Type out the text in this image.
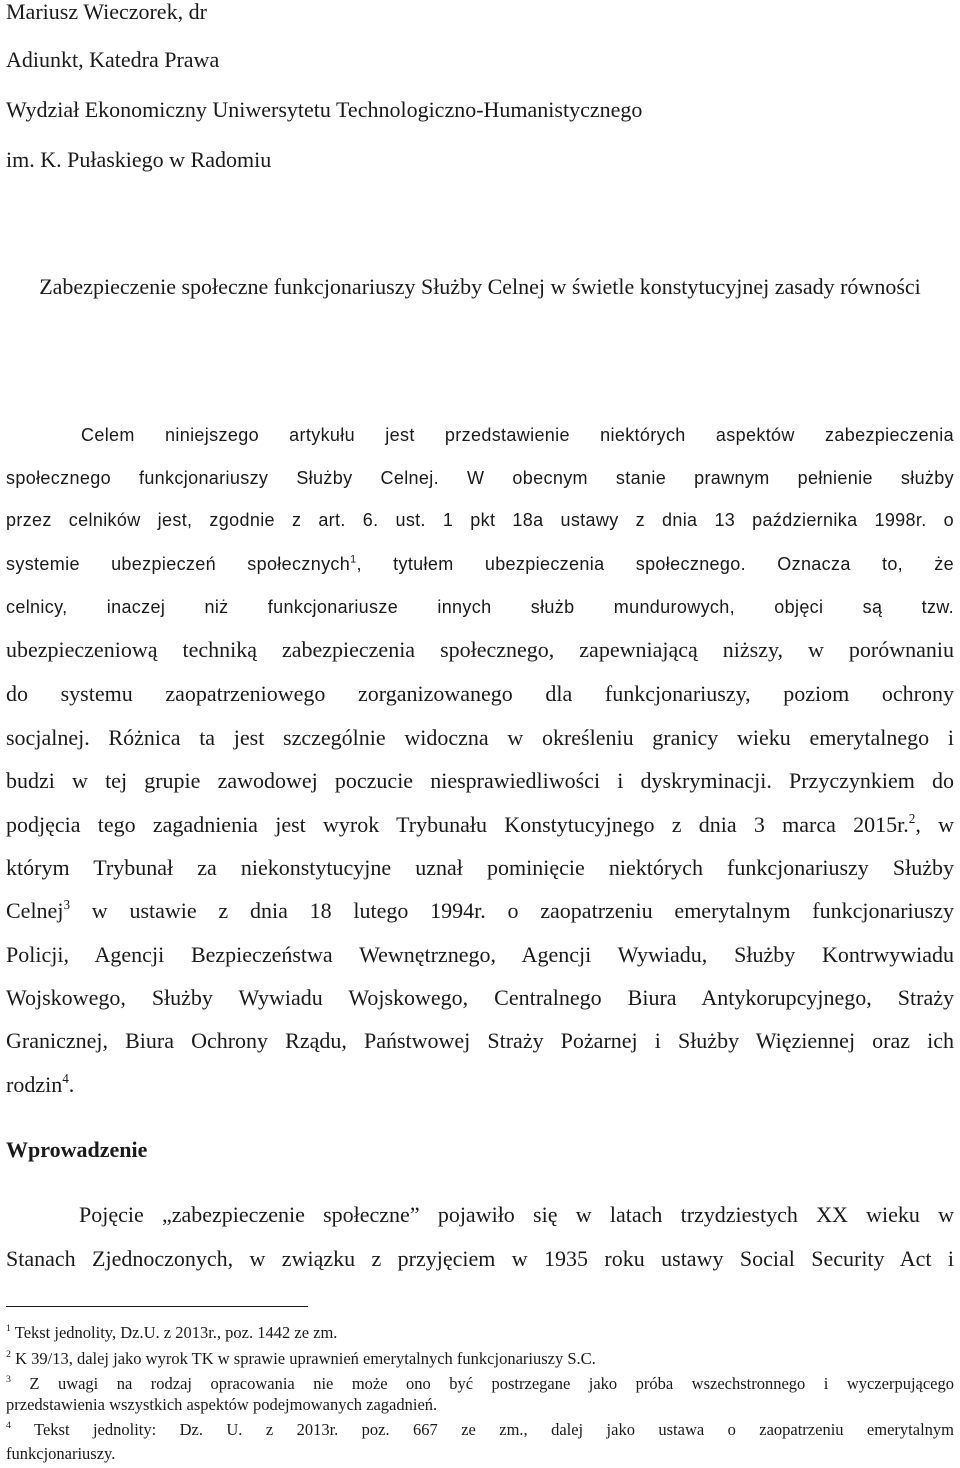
Mariusz Wieczorek, dr
Adiunkt, Katedra Prawa
Wydział Ekonomiczny Uniwersytetu Technologiczno-Humanistycznego
im. K. Pułaskiego w Radomiu
Zabezpieczenie społeczne funkcjonariuszy Służby Celnej w świetle konstytucyjnej zasady równości
Celem niniejszego artykułu jest przedstawienie niektórych aspektów zabezpieczenia
społecznego funkcjonariuszy Służby Celnej. W obecnym stanie prawnym pełnienie służby
przez celników jest, zgodnie z art. 6. ust. 1 pkt 18a ustawy z dnia 13 października 1998r. o
systemie ubezpieczeń społecznych$^1$, tytułem ubezpieczenia społecznego. Oznacza to, że
celnicy, inaczej niż funkcjonariusze innych służb mundurowych, objęci są tzw.
ubezpieczeniową techniką zabezpieczenia społecznego, zapewniającą niższy, w porównaniu
do systemu zaopatrzeniowego zorganizowanego dla funkcjonariuszy, poziom ochrony
socjalnej. Różnica ta jest szczególnie widoczna w określeniu granicy wieku emerytalnego i
budzi w tej grupie zawodowej poczucie niesprawiedliwości i dyskryminacji. Przyczynkiem do
podjęcia tego zagadnienia jest wyrok Trybunału Konstytucyjnego z dnia 3 marca 2015r.$^2$, w
którym Trybunał za niekonstytucyjne uznał pominięcie niektórych funkcjonariuszy Służby
Celnej$^3$ w ustawie z dnia 18 lutego 1994r. o zaopatrzeniu emerytalnym funkcjonariuszy
Policji, Agencji Bezpieczeństwa Wewnętrznego, Agencji Wywiadu, Służby Kontrwywiadu
Wojskowego, Służby Wywiadu Wojskowego, Centralnego Biura Antykorupcyjnego, Straży
Granicznej, Biura Ochrony Rządu, Państwowej Straży Pożarnej i Służby Więziennej oraz ich
rodzin$^4$.
Wprowadzenie
Pojęcie „zabezpieczenie społeczne” pojawiło się w latach trzydziestych XX wieku w
Stanach Zjednoczonych, w związku z przyjęciem w 1935 roku ustawy Social Security Act i
$^1$ Tekst jednolity, Dz.U. z 2013r., poz. 1442 ze zm.
$^2$ K 39/13, dalej jako wyrok TK w sprawie uprawnień emerytalnych funkcjonariuszy S.C.
$^3$ Z uwagi na rodzaj opracowania nie może ono być postrzegane jako próba wszechstronnego i wyczerpującego
przedstawienia wszystkich aspektów podejmowanych zagadnień.
$^4$ Tekst jednolity: Dz. U. z 2013r. poz. 667 ze zm., dalej jako ustawa o zaopatrzeniu emerytalnym
funkcjonariuszy.
